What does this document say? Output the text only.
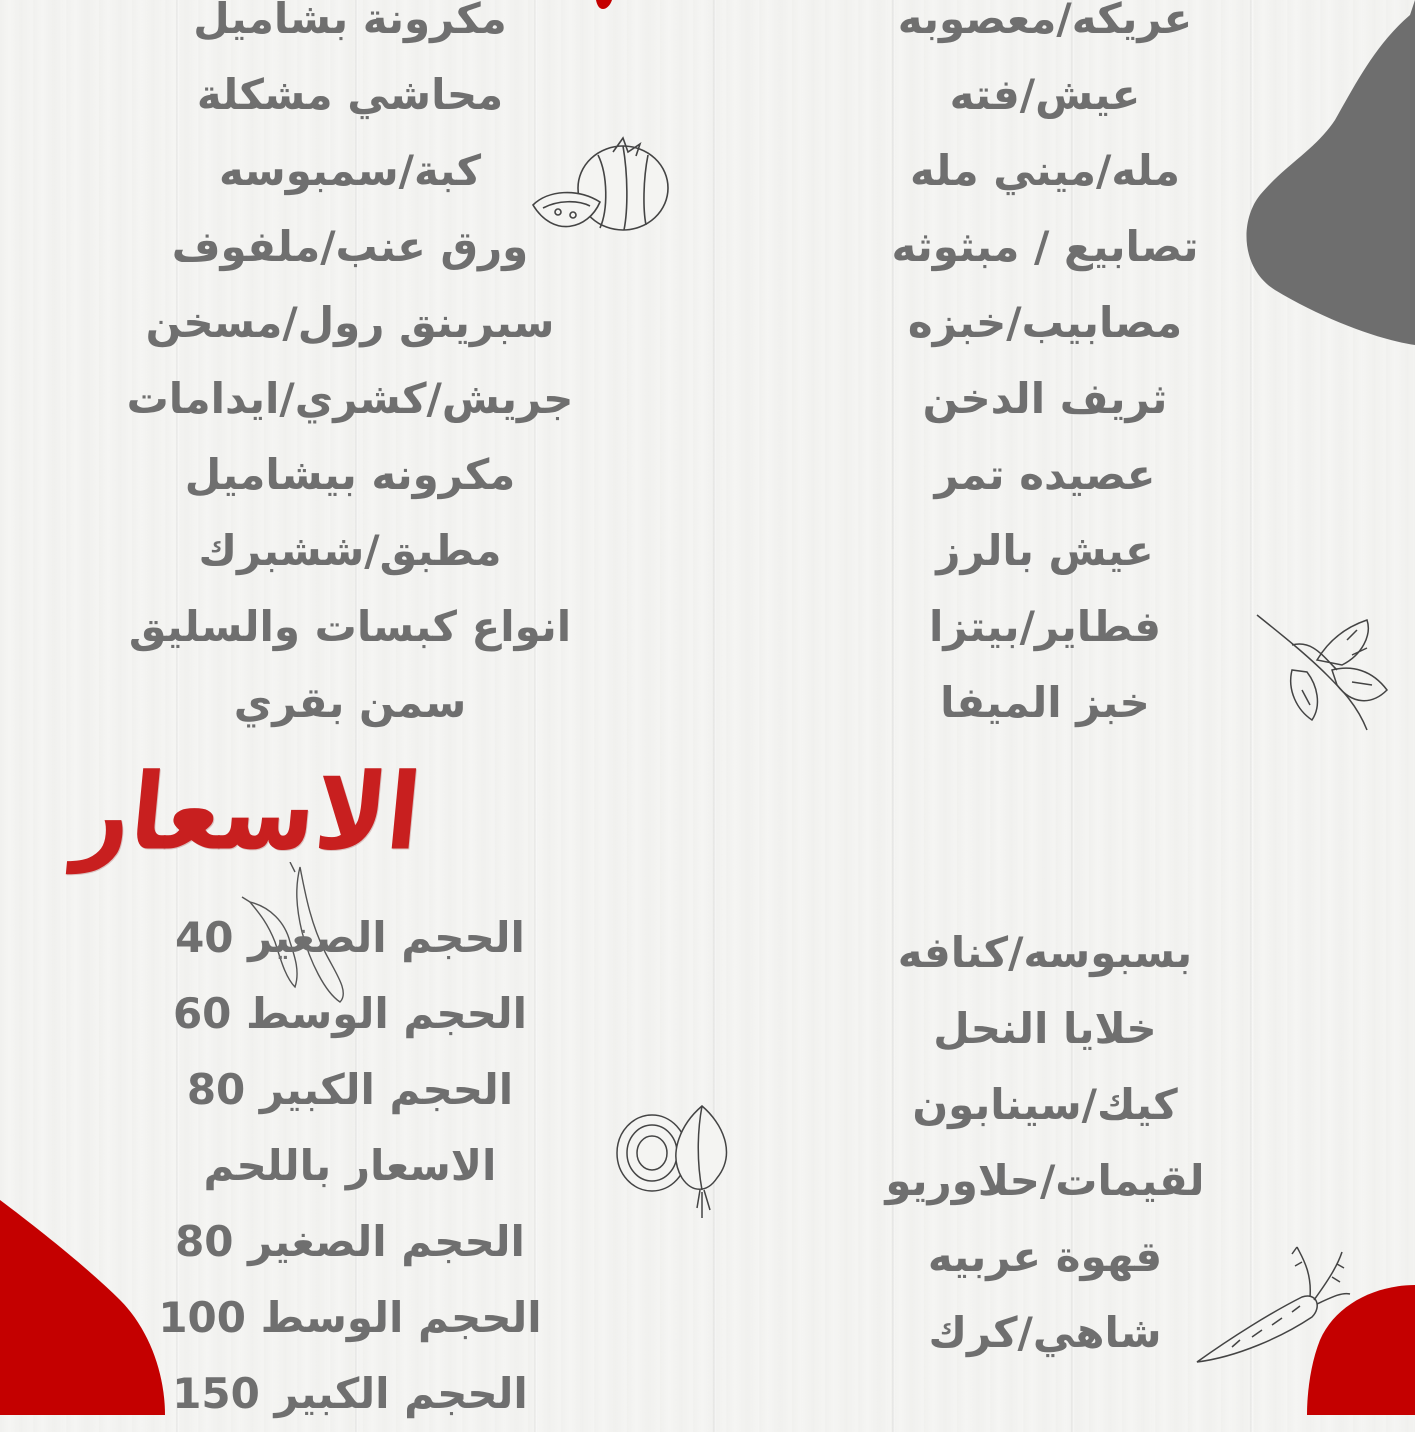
مكرونة بشاميل
محاشي مشكلة
كبة/سمبوسه
ورق عنب/ملفوف
سبرينق رول/مسخن
جريش/كشري/ايدامات
مكرونه بيشاميل
مطبق/ششبرك
انواع كبسات والسليق
سمن بقري
عريكه/معصوبه
عيش/فته
مله/ميني مله
تصابيع / مبثوثه
مصابيب/خبزه
ثريف الدخن
عصيده تمر
عيش بالرز
فطاير/بيتزا
خبز الميفا
الاسعار
الحجم الصغير 40
الحجم الوسط 60
الحجم الكبير 80
الاسعار باللحم
الحجم الصغير 80
الحجم الوسط 100
الحجم الكبير 150
بسبوسه/كنافه
خلايا النحل
كيك/سينابون
لقيمات/حلاوريو
قهوة عربيه
شاهي/كرك
